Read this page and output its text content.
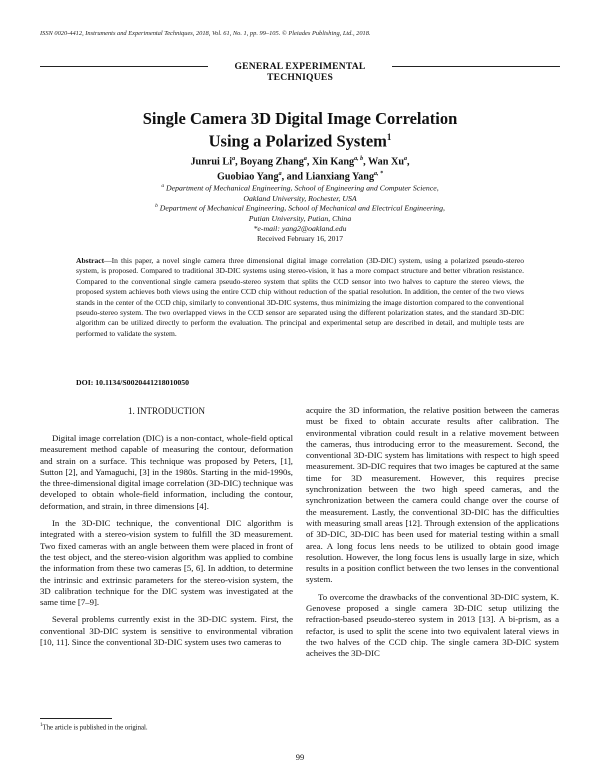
ISSN 0020-4412, Instruments and Experimental Techniques, 2018, Vol. 61, No. 1, pp. 99–105. © Pleiades Publishing, Ltd., 2018.
GENERAL EXPERIMENTAL
TECHNIQUES
Single Camera 3D Digital Image Correlation
Using a Polarized System$^1$
Junrui Li$^a$, Boyang Zhang$^a$, Xin Kang$^{a, b}$, Wan Xu$^a$,
Guobiao Yang$^a$, and Lianxiang Yang$^{a, *}$
$^a$ Department of Mechanical Engineering, School of Engineering and Computer Science,
Oakland University, Rochester, USA
$^b$ Department of Mechanical Engineering, School of Mechanical and Electrical Engineering,
Putian University, Putian, China
*e-mail: yang2@oakland.edu
Received February 16, 2017
Abstract—In this paper, a novel single camera three dimensional digital image correlation (3D-DIC) system, using a polarized pseudo-stereo system, is proposed. Compared to traditional 3D-DIC systems using stereo-vision, it has a more compact structure and better vibration resistance. Compared to the conventional single camera pseudo-stereo system that splits the CCD sensor into two halves to capture the stereo views, the proposed system achieves both views using the entire CCD chip without reduction of the spatial resolution. In addition, the center of the two views stands in the center of the CCD chip, similarly to conventional 3D-DIC systems, thus minimizing the image distortion compared to the conventional pseudo-stereo system. The two overlapped views in the CCD sensor are separated using the different polarization states, and the standard 3D-DIC algorithm can be utilized directly to perform the evaluation. The principal and experimental setup are described in detail, and multiple tests are performed to validate the system.
DOI: 10.1134/S0020441218010050
1. INTRODUCTION

Digital image correlation (DIC) is a non-contact, whole-field optical measurement method capable of measuring the contour, deformation and strain on a surface. This technique was proposed by Peters, [1], Sutton [2], and Yamaguchi, [3] in the 1980s. Starting in the mid-1990s, the three-dimensional digital image correlation (3D-DIC) technique was developed to obtain whole-field information, including the contour, deformation, and strain, in three dimensions [4].

In the 3D-DIC technique, the conventional DIC algorithm is integrated with a stereo-vision system to fulfill the 3D measurement. Two fixed cameras with an angle between them were placed in front of the test object, and the stereo-vision algorithm was applied to combine the information from these two cameras [5, 6]. In addtion, to determine the intrinsic and extrinsic parameters for the stereo-vision system, the 3D calibration technique for the DIC system was investigated at the same time [7–9].

Several problems currently exist in the 3D-DIC system. First, the conventional 3D-DIC system is sensitive to environmental vibration [10, 11]. Since the conventional 3D-DIC system uses two cameras to

acquire the 3D information, the relative position between the cameras must be fixed to obtain accurate results after calibration. The environmental vibration could result in a relative movement between the cameras, thus introducing error to the measurement. Second, the conventional 3D-DIC system has limitations with respect to high speed measurement. 3D-DIC requires that two images be captured at the same time for 3D measurement. However, this requires precise synchronization between the two high speed cameras, and the synchronization between the camera could change over the course of the measurement. Lastly, the conventional 3D-DIC has the difficulties with measuring small areas [12]. Through extension of the applications of 3D-DIC, 3D-DIC has been used for material testing within a small area. A long focus lens needs to be utilized to obtain good image resolution. However, the long focus lens is usually large in size, which results in a position conflict between the two lenses in the conventional system.

To overcome the drawbacks of the conventional 3D-DIC system, K. Genovese proposed a single camera 3D-DIC setup utilizing the refraction-based pseudo-stereo system in 2013 [13]. A bi-prism, as a refactor, is used to split the scene into two equivalent lateral views in the two halves of the CCD chip. The single camera 3D-DIC system acheives the 3D-DIC

$^1$The article is published in the original.
99
